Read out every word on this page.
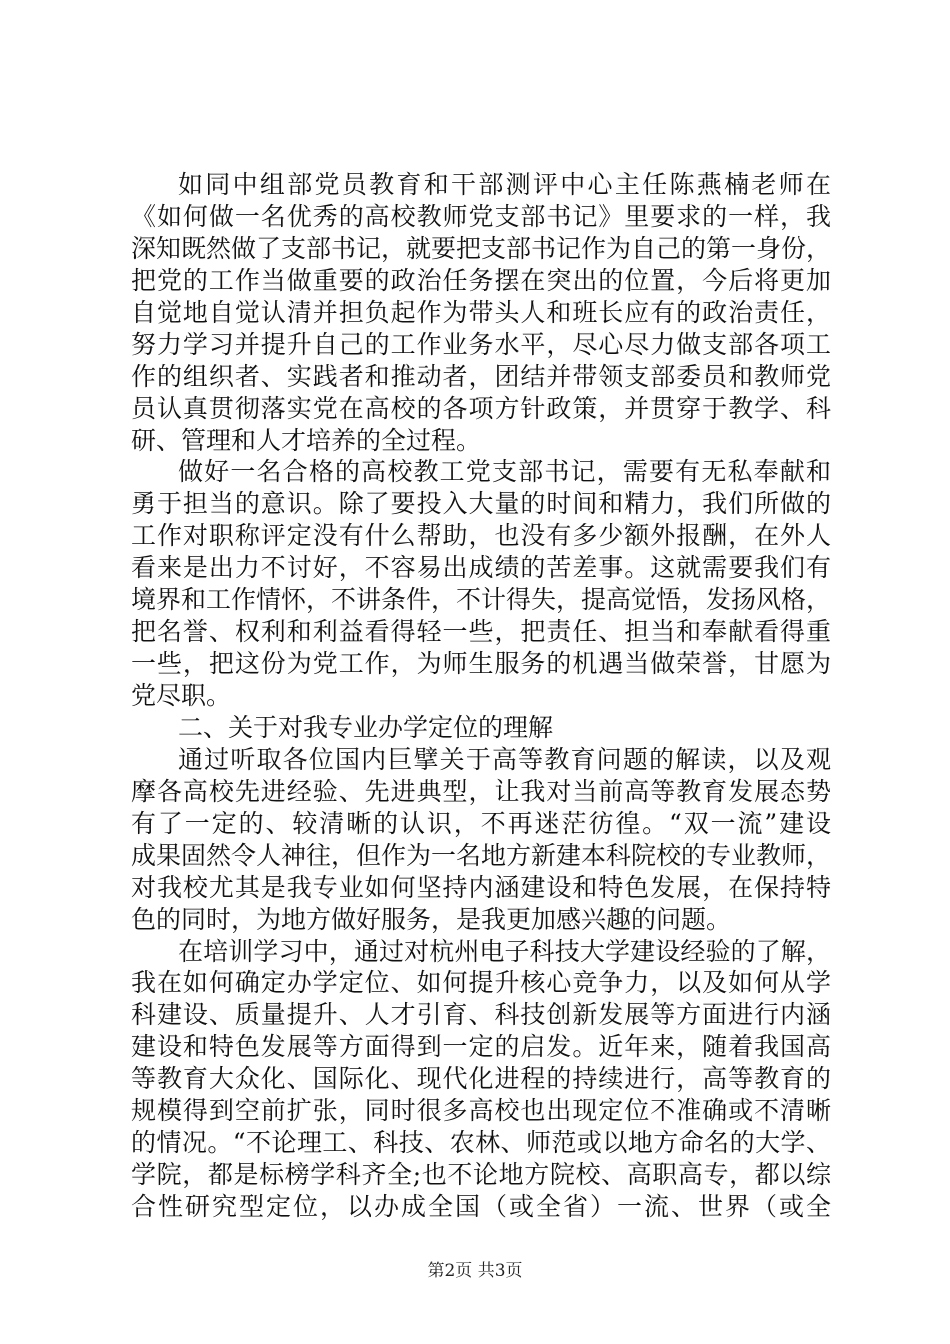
如同中组部党员教育和干部测评中心主任陈燕楠老师在
《如何做一名优秀的高校教师党支部书记》里要求的一样，我
深知既然做了支部书记，就要把支部书记作为自己的第一身份，
把党的工作当做重要的政治任务摆在突出的位置，今后将更加
自觉地自觉认清并担负起作为带头人和班长应有的政治责任，
努力学习并提升自己的工作业务水平，尽心尽力做支部各项工
作的组织者、实践者和推动者，团结并带领支部委员和教师党
员认真贯彻落实党在高校的各项方针政策，并贯穿于教学、科
研、管理和人才培养的全过程。
做好一名合格的高校教工党支部书记，需要有无私奉献和
勇于担当的意识。除了要投入大量的时间和精力，我们所做的
工作对职称评定没有什么帮助，也没有多少额外报酬，在外人
看来是出力不讨好，不容易出成绩的苦差事。这就需要我们有
境界和工作情怀，不讲条件，不计得失，提高觉悟，发扬风格，
把名誉、权利和利益看得轻一些，把责任、担当和奉献看得重
一些，把这份为党工作，为师生服务的机遇当做荣誉，甘愿为
党尽职。
二、关于对我专业办学定位的理解
通过听取各位国内巨擘关于高等教育问题的解读，以及观
摩各高校先进经验、先进典型，让我对当前高等教育发展态势
有了一定的、较清晰的认识，不再迷茫彷徨。“双一流”建设
成果固然令人神往，但作为一名地方新建本科院校的专业教师，
对我校尤其是我专业如何坚持内涵建设和特色发展，在保持特
色的同时，为地方做好服务，是我更加感兴趣的问题。
在培训学习中，通过对杭州电子科技大学建设经验的了解，
我在如何确定办学定位、如何提升核心竞争力，以及如何从学
科建设、质量提升、人才引育、科技创新发展等方面进行内涵
建设和特色发展等方面得到一定的启发。近年来，随着我国高
等教育大众化、国际化、现代化进程的持续进行，高等教育的
规模得到空前扩张，同时很多高校也出现定位不准确或不清晰
的情况。“不论理工、科技、农林、师范或以地方命名的大学、
学院，都是标榜学科齐全;也不论地方院校、高职高专，都以综
合性研究型定位，以办成全国（或全省）一流、世界（或全
第2页 共3页
